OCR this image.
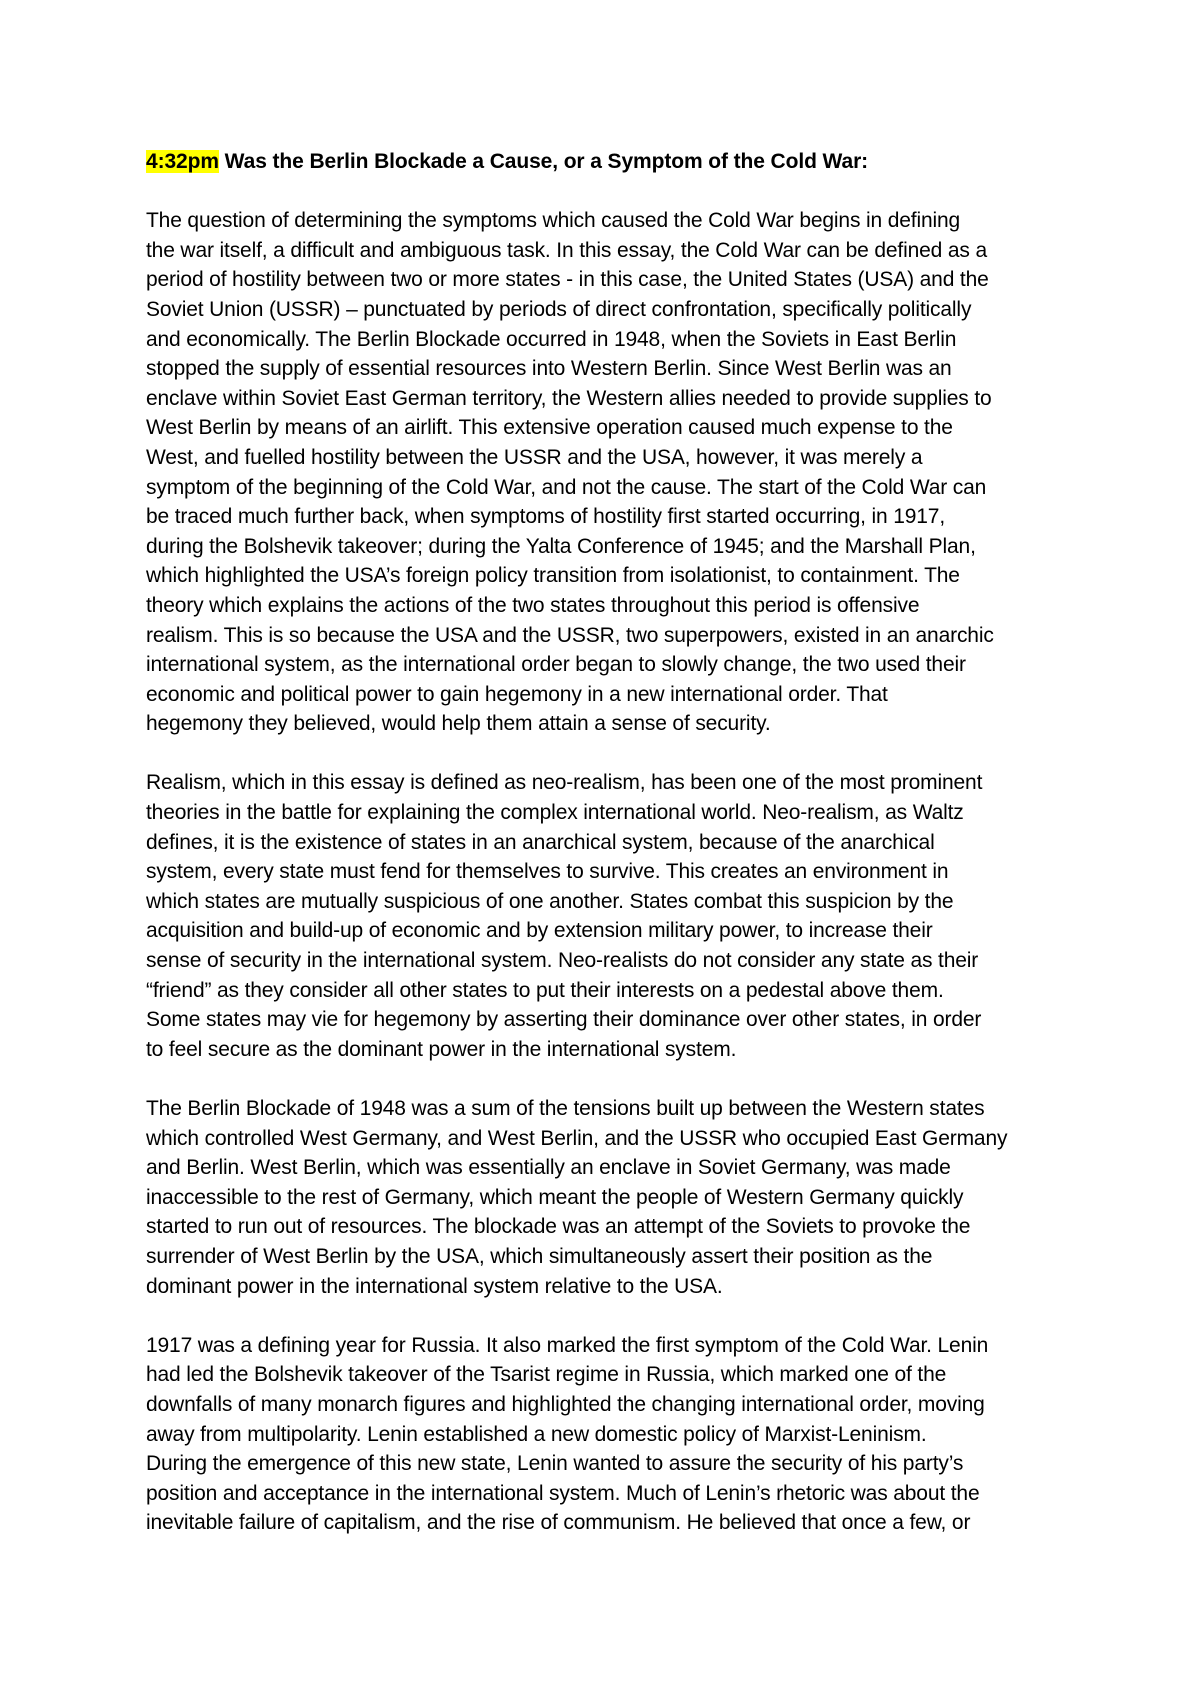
4:32pm Was the Berlin Blockade a Cause, or a Symptom of the Cold War:
The question of determining the symptoms which caused the Cold War begins in defining
the war itself, a difficult and ambiguous task. In this essay, the Cold War can be defined as a
period of hostility between two or more states - in this case, the United States (USA) and the
Soviet Union (USSR) – punctuated by periods of direct confrontation, specifically politically
and economically. The Berlin Blockade occurred in 1948, when the Soviets in East Berlin
stopped the supply of essential resources into Western Berlin. Since West Berlin was an
enclave within Soviet East German territory, the Western allies needed to provide supplies to
West Berlin by means of an airlift. This extensive operation caused much expense to the
West, and fuelled hostility between the USSR and the USA, however, it was merely a
symptom of the beginning of the Cold War, and not the cause. The start of the Cold War can
be traced much further back, when symptoms of hostility first started occurring, in 1917,
during the Bolshevik takeover; during the Yalta Conference of 1945; and the Marshall Plan,
which highlighted the USA’s foreign policy transition from isolationist, to containment. The
theory which explains the actions of the two states throughout this period is offensive
realism. This is so because the USA and the USSR, two superpowers, existed in an anarchic
international system, as the international order began to slowly change, the two used their
economic and political power to gain hegemony in a new international order. That
hegemony they believed, would help them attain a sense of security.
Realism, which in this essay is defined as neo-realism, has been one of the most prominent
theories in the battle for explaining the complex international world. Neo-realism, as Waltz
defines, it is the existence of states in an anarchical system, because of the anarchical
system, every state must fend for themselves to survive. This creates an environment in
which states are mutually suspicious of one another. States combat this suspicion by the
acquisition and build-up of economic and by extension military power, to increase their
sense of security in the international system. Neo-realists do not consider any state as their
“friend” as they consider all other states to put their interests on a pedestal above them.
Some states may vie for hegemony by asserting their dominance over other states, in order
to feel secure as the dominant power in the international system.
The Berlin Blockade of 1948 was a sum of the tensions built up between the Western states
which controlled West Germany, and West Berlin, and the USSR who occupied East Germany
and Berlin. West Berlin, which was essentially an enclave in Soviet Germany, was made
inaccessible to the rest of Germany, which meant the people of Western Germany quickly
started to run out of resources. The blockade was an attempt of the Soviets to provoke the
surrender of West Berlin by the USA, which simultaneously assert their position as the
dominant power in the international system relative to the USA.
1917 was a defining year for Russia. It also marked the first symptom of the Cold War. Lenin
had led the Bolshevik takeover of the Tsarist regime in Russia, which marked one of the
downfalls of many monarch figures and highlighted the changing international order, moving
away from multipolarity. Lenin established a new domestic policy of Marxist-Leninism.
During the emergence of this new state, Lenin wanted to assure the security of his party’s
position and acceptance in the international system. Much of Lenin’s rhetoric was about the
inevitable failure of capitalism, and the rise of communism. He believed that once a few, or
